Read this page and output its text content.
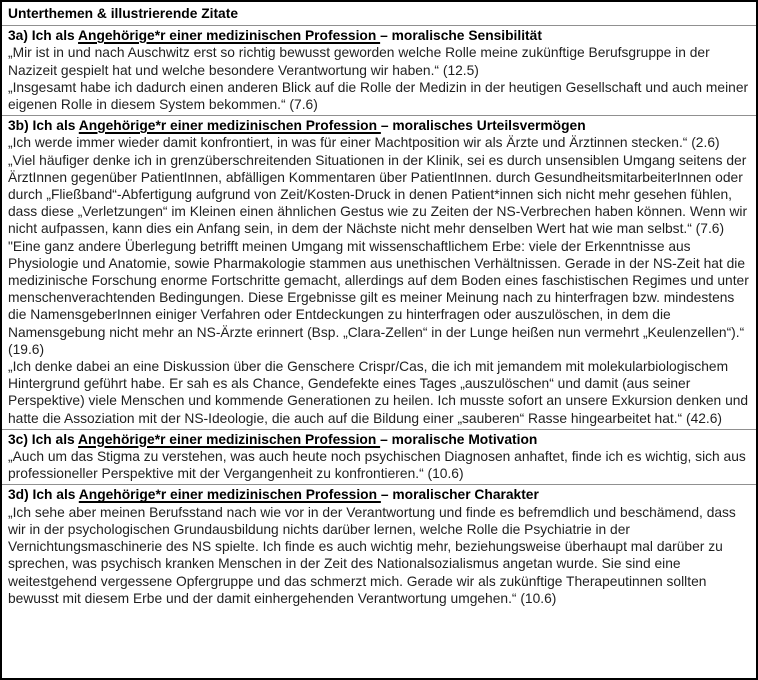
Unterthemen & illustrierende Zitate

3a) Ich als Angehörige*r einer medizinischen Profession – moralische Sensibilität

„Mir ist in und nach Auschwitz erst so richtig bewusst geworden welche Rolle meine zukünftige Berufsgruppe in der Nazizeit gespielt hat und welche besondere Verantwortung wir haben.“ (12.5)

„Insgesamt habe ich dadurch einen anderen Blick auf die Rolle der Medizin in der heutigen Gesellschaft und auch meiner eigenen Rolle in diesem System bekommen.“ (7.6)

3b) Ich als Angehörige*r einer medizinischen Profession – moralisches Urteilsvermögen

„Ich werde immer wieder damit konfrontiert, in was für einer Machtposition wir als Ärzte und Ärztinnen stecken.“ (2.6)

„Viel häufiger denke ich in grenzüberschreitenden Situationen in der Klinik, sei es durch unsensiblen Umgang seitens der ÄrztInnen gegenüber PatientInnen, abfälligen Kommentaren über PatientInnen. durch GesundheitsmitarbeiterInnen oder durch „Fließband“-Abfertigung aufgrund von Zeit/Kosten-Druck in denen Patient*innen sich nicht mehr gesehen fühlen, dass diese „Verletzungen“ im Kleinen einen ähnlichen Gestus wie zu Zeiten der NS-Verbrechen haben können. Wenn wir nicht aufpassen, kann dies ein Anfang sein, in dem der Nächste nicht mehr denselben Wert hat wie man selbst.“ (7.6)

"Eine ganz andere Überlegung betrifft meinen Umgang mit wissenschaftlichem Erbe: viele der Erkenntnisse aus Physiologie und Anatomie, sowie Pharmakologie stammen aus unethischen Verhältnissen. Gerade in der NS-Zeit hat die medizinische Forschung enorme Fortschritte gemacht, allerdings auf dem Boden eines faschistischen Regimes und unter menschenverachtenden Bedingungen. Diese Ergebnisse gilt es meiner Meinung nach zu hinterfragen bzw. mindestens die NamensgeberInnen einiger Verfahren oder Entdeckungen zu hinterfragen oder auszulöschen, in dem die Namensgebung nicht mehr an NS-Ärzte erinnert (Bsp. „Clara-Zellen“ in der Lunge heißen nun vermehrt „Keulenzellen“).“ (19.6)

„Ich denke dabei an eine Diskussion über die Genschere Crispr/Cas, die ich mit jemandem mit molekularbiologischem Hintergrund geführt habe. Er sah es als Chance, Gendefekte eines Tages „auszulöschen“ und damit (aus seiner Perspektive) viele Menschen und kommende Generationen zu heilen. Ich musste sofort an unsere Exkursion denken und hatte die Assoziation mit der NS-Ideologie, die auch auf die Bildung einer „sauberen“ Rasse hingearbeitet hat.“ (42.6)

3c) Ich als Angehörige*r einer medizinischen Profession – moralische Motivation

„Auch um das Stigma zu verstehen, was auch heute noch psychischen Diagnosen anhaftet, finde ich es wichtig, sich aus professioneller Perspektive mit der Vergangenheit zu konfrontieren.“ (10.6)

3d) Ich als Angehörige*r einer medizinischen Profession – moralischer Charakter

„Ich sehe aber meinen Berufsstand nach wie vor in der Verantwortung und finde es befremdlich und beschämend, dass wir in der psychologischen Grundausbildung nichts darüber lernen, welche Rolle die Psychiatrie in der Vernichtungsmaschinerie des NS spielte. Ich finde es auch wichtig mehr, beziehungsweise überhaupt mal darüber zu sprechen, was psychisch kranken Menschen in der Zeit des Nationalsozialismus angetan wurde. Sie sind eine weitestgehend vergessene Opfergruppe und das schmerzt mich. Gerade wir als zukünftige Therapeutinnen sollten bewusst mit diesem Erbe und der damit einhergehenden Verantwortung umgehen.“ (10.6)
